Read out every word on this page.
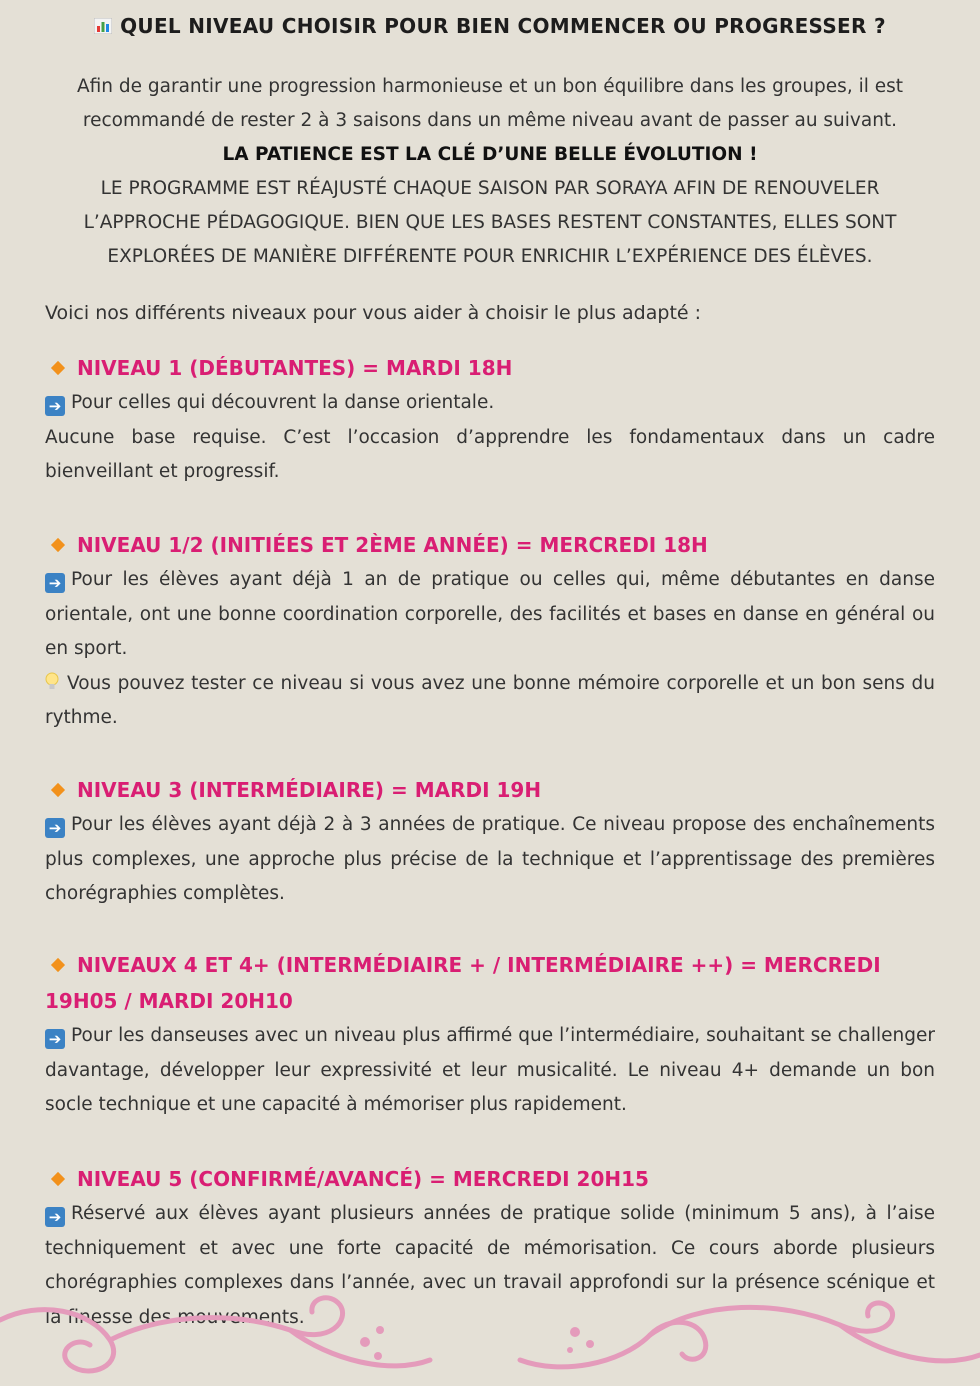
QUEL NIVEAU CHOISIR POUR BIEN COMMENCER OU PROGRESSER ?
Afin de garantir une progression harmonieuse et un bon équilibre dans les groupes, il est recommandé de rester 2 à 3 saisons dans un même niveau avant de passer au suivant.
LA PATIENCE EST LA CLÉ D’UNE BELLE ÉVOLUTION !
LE PROGRAMME EST RÉAJUSTÉ CHAQUE SAISON PAR SORAYA AFIN DE RENOUVELER L’APPROCHE PÉDAGOGIQUE. BIEN QUE LES BASES RESTENT CONSTANTES, ELLES SONT EXPLORÉES DE MANIÈRE DIFFÉRENTE POUR ENRICHIR L’EXPÉRIENCE DES ÉLÈVES.
Voici nos différents niveaux pour vous aider à choisir le plus adapté :
NIVEAU 1 (DÉBUTANTES) = MARDI 18H
➔ Pour celles qui découvrent la danse orientale.
Aucune base requise. C’est l’occasion d’apprendre les fondamentaux dans un cadre bienveillant et progressif.
NIVEAU 1/2 (INITIÉES ET 2ÈME ANNÉE) = MERCREDI 18H
➔ Pour les élèves ayant déjà 1 an de pratique ou celles qui, même débutantes en danse orientale, ont une bonne coordination corporelle, des facilités et bases en danse en général ou en sport.
Vous pouvez tester ce niveau si vous avez une bonne mémoire corporelle et un bon sens du rythme.
NIVEAU 3 (INTERMÉDIAIRE) = MARDI 19H
➔ Pour les élèves ayant déjà 2 à 3 années de pratique. Ce niveau propose des enchaînements plus complexes, une approche plus précise de la technique et l’apprentissage des premières chorégraphies complètes.
NIVEAUX 4 ET 4+ (INTERMÉDIAIRE + / INTERMÉDIAIRE ++) = MERCREDI 19H05 / MARDI 20H10
➔ Pour les danseuses avec un niveau plus affirmé que l’intermédiaire, souhaitant se challenger davantage, développer leur expressivité et leur musicalité. Le niveau 4+ demande un bon socle technique et une capacité à mémoriser plus rapidement.
NIVEAU 5 (CONFIRMÉ/AVANCÉ) = MERCREDI 20H15
➔ Réservé aux élèves ayant plusieurs années de pratique solide (minimum 5 ans), à l’aise techniquement et avec une forte capacité de mémorisation. Ce cours aborde plusieurs chorégraphies complexes dans l’année, avec un travail approfondi sur la présence scénique et la finesse des mouvements.
